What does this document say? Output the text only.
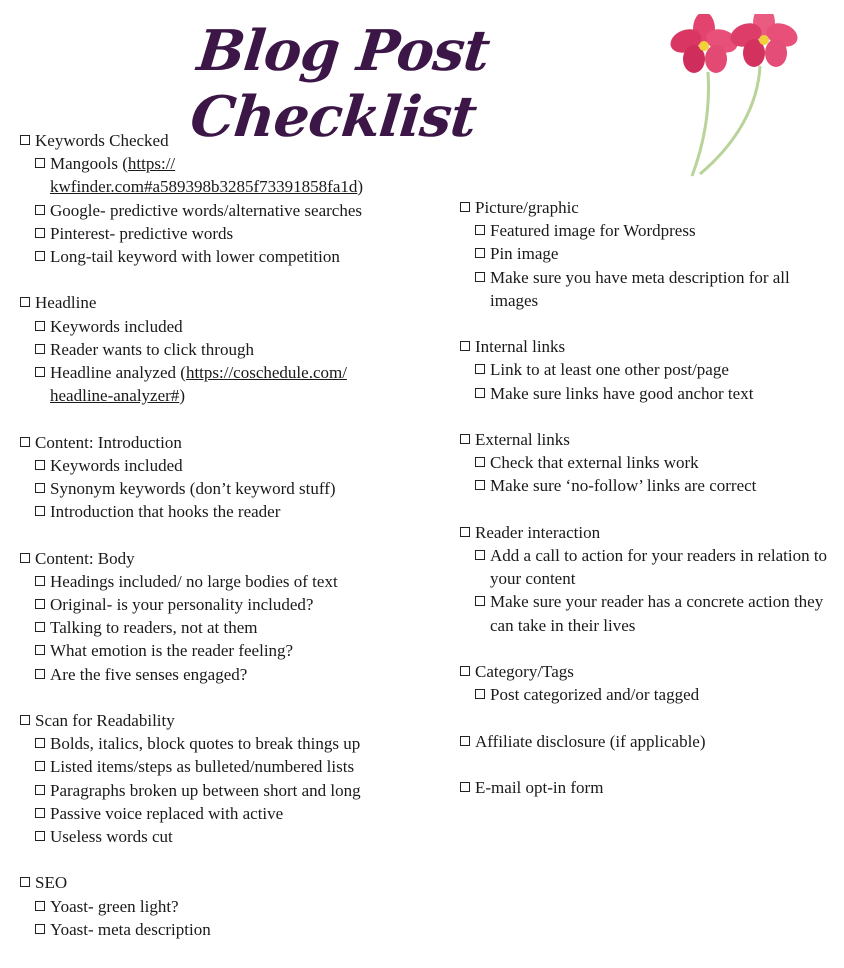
Blog Post Checklist
Keywords Checked
Mangools (https://
kwfinder.com#a589398b3285f73391858fa1d)
Google- predictive words/alternative searches
Pinterest- predictive words
Long-tail keyword with lower competition
Headline
Keywords included
Reader wants to click through
Headline analyzed (https://coschedule.com/
headline-analyzer#)
Content: Introduction
Keywords included
Synonym keywords (don’t keyword stuff)
Introduction that hooks the reader
Content: Body
Headings included/ no large bodies of text
Original- is your personality included?
Talking to readers, not at them
What emotion is the reader feeling?
Are the five senses engaged?
Scan for Readability
Bolds, italics, block quotes to break things up
Listed items/steps as bulleted/numbered lists
Paragraphs broken up between short and long
Passive voice replaced with active
Useless words cut
SEO
Yoast- green light?
Yoast- meta description
Picture/graphic
Featured image for Wordpress
Pin image
Make sure you have meta description for all images
Internal links
Link to at least one other post/page
Make sure links have good anchor text
External links
Check that external links work
Make sure ‘no-follow’ links are correct
Reader interaction
Add a call to action for your readers in relation to your content
Make sure your reader has a concrete action they can take in their lives
Category/Tags
Post categorized and/or tagged
Affiliate disclosure (if applicable)
E-mail opt-in form
